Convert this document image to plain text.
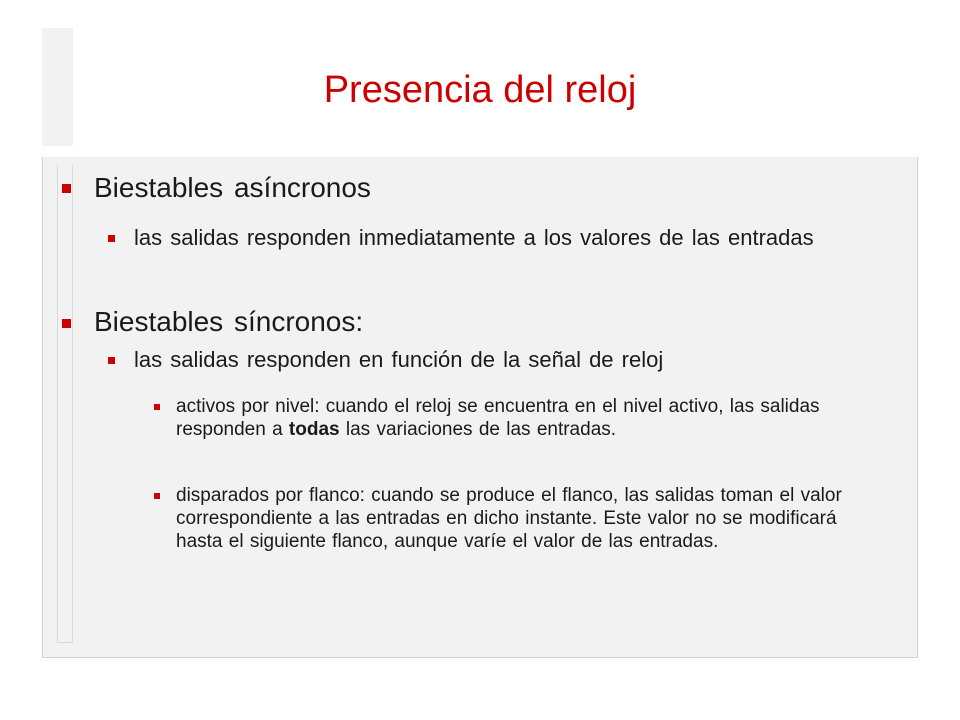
Presencia del reloj
Biestables asíncronos
las salidas responden inmediatamente a los valores de las entradas
Biestables síncronos:
las salidas responden en función de la señal de reloj
activos por nivel: cuando el reloj se encuentra en el nivel activo, las salidas responden a todas las variaciones de las entradas.
disparados por flanco: cuando se produce el flanco, las salidas toman el valor correspondiente a las entradas en dicho instante. Este valor no se modificará hasta el siguiente flanco, aunque varíe el valor de las entradas.
